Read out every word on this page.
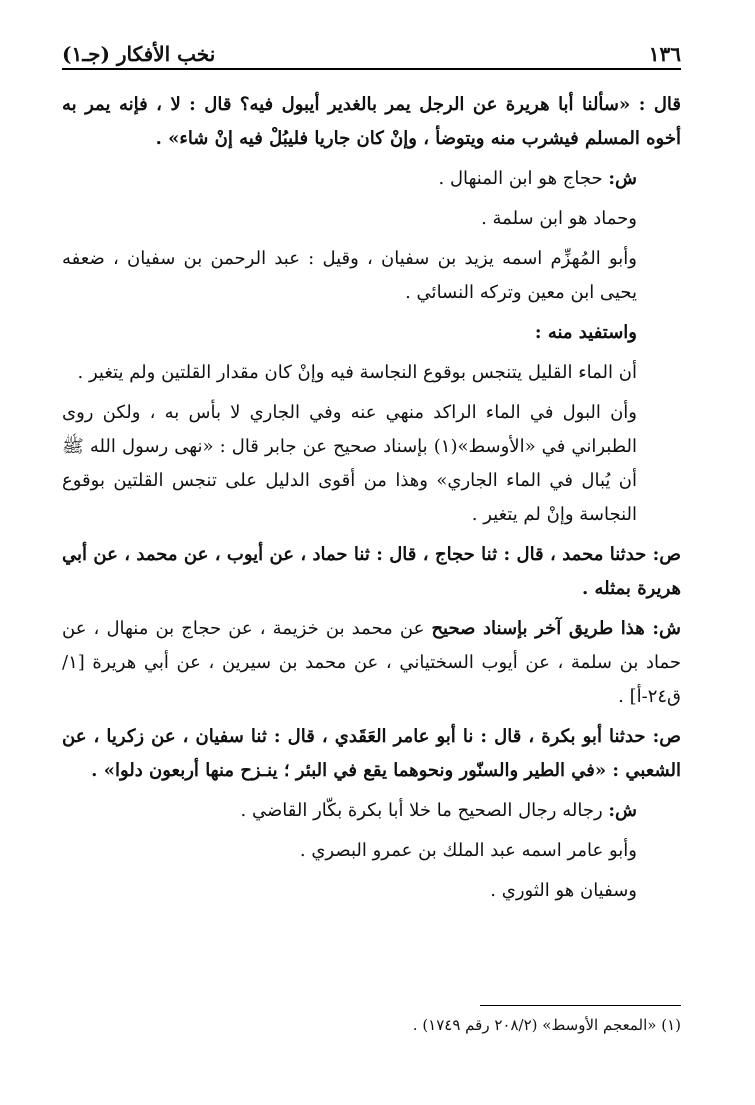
١٣٦
نخب الأفكار (جـ١)

قال : «سألنا أبا هريرة عن الرجل يمر بالغدير أيبول فيه؟ قال : لا ، فإنه يمر به أخوه المسلم فيشرب منه ويتوضأ ، وإنْ كان جاريا فليبُلْ فيه إنْ شاء» .

ش: حجاج هو ابن المنهال .

وحماد هو ابن سلمة .

وأبو المُهزِّم اسمه يزيد بن سفيان ، وقيل : عبد الرحمن بن سفيان ، ضعفه يحيى ابن معين وتركه النسائي .

واستفيد منه :

أن الماء القليل يتنجس بوقوع النجاسة فيه وإنْ كان مقدار القلتين ولم يتغير .

وأن البول في الماء الراكد منهي عنه وفي الجاري لا بأس به ، ولكن روى الطبراني في «الأوسط»(١) بإسناد صحيح عن جابر قال : «نهى رسول الله ﷺ أن يُبال في الماء الجاري» وهذا من أقوى الدليل على تنجس القلتين بوقوع النجاسة وإنْ لم يتغير .

ص: حدثنا محمد ، قال : ثنا حجاج ، قال : ثنا حماد ، عن أيوب ، عن محمد ، عن أبي هريرة بمثله .

ش: هذا طريق آخر بإسناد صحيح عن محمد بن خزيمة ، عن حجاج بن منهال ، عن حماد بن سلمة ، عن أيوب السختياني ، عن محمد بن سيرين ، عن أبي هريرة [١/ق٢٤-أ] .

ص: حدثنا أبو بكرة ، قال : نا أبو عامر العَقَدي ، قال : ثنا سفيان ، عن زكريا ، عن الشعبي : «في الطير والسنّور ونحوهما يقع في البئر ؛ ينـزح منها أربعون دلوا» .

ش: رجاله رجال الصحيح ما خلا أبا بكرة بكّار القاضي .

وأبو عامر اسمه عبد الملك بن عمرو البصري .

وسفيان هو الثوري .

(١) «المعجم الأوسط» (٢٠٨/٢ رقم ١٧٤٩) .
